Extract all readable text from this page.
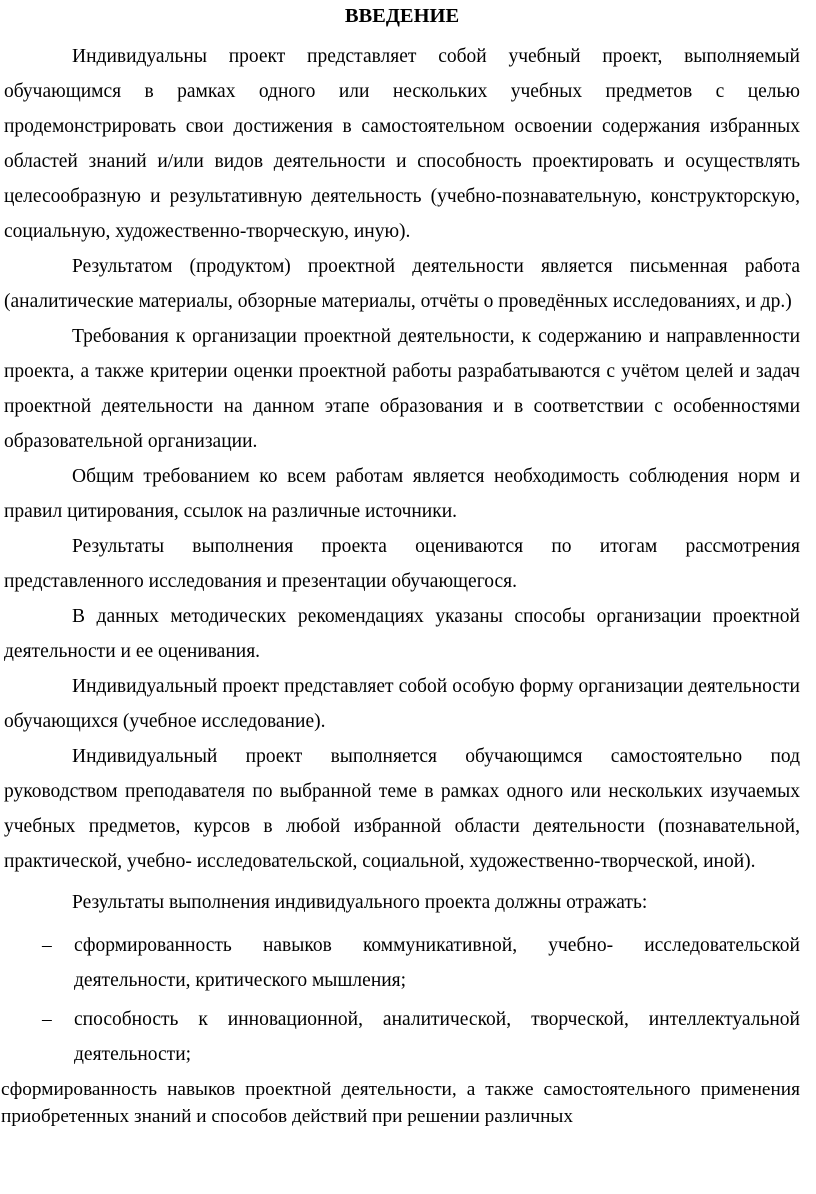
ВВЕДЕНИЕ

Индивидуальны проект представляет собой учебный проект, выполняемый обучающимся в рамках одного или нескольких учебных предметов с целью продемонстрировать свои достижения в самостоятельном освоении содержания избранных областей знаний и/или видов деятельности и способность проектировать и осуществлять целесообразную и результативную деятельность (учебно-познавательную, конструкторскую, социальную, художественно-творческую, иную).

Результатом (продуктом) проектной деятельности является письменная работа (аналитические материалы, обзорные материалы, отчёты о проведённых исследованиях, и др.)

Требования к организации проектной деятельности, к содержанию и направленности проекта, а также критерии оценки проектной работы разрабатываются с учётом целей и задач проектной деятельности на данном этапе образования и в соответствии с особенностями образовательной организации.

Общим требованием ко всем работам является необходимость соблюдения норм и правил цитирования, ссылок на различные источники.

Результаты выполнения проекта оцениваются по итогам рассмотрения представленного исследования и презентации обучающегося.

В данных методических рекомендациях указаны способы организации проектной деятельности и ее оценивания.

Индивидуальный проект представляет собой особую форму организации деятельности обучающихся (учебное исследование).

Индивидуальный проект выполняется обучающимся самостоятельно под руководством преподавателя по выбранной теме в рамках одного или нескольких изучаемых учебных предметов, курсов в любой избранной области деятельности (познавательной, практической, учебно- исследовательской, социальной, художественно-творческой, иной).

Результаты выполнения индивидуального проекта должны отражать:

– сформированность навыков коммуникативной, учебно- исследовательской деятельности, критического мышления;
– способность к инновационной, аналитической, творческой, интеллектуальной деятельности;

сформированность навыков проектной деятельности, а также самостоятельного применения приобретенных знаний и способов действий при решении различных
